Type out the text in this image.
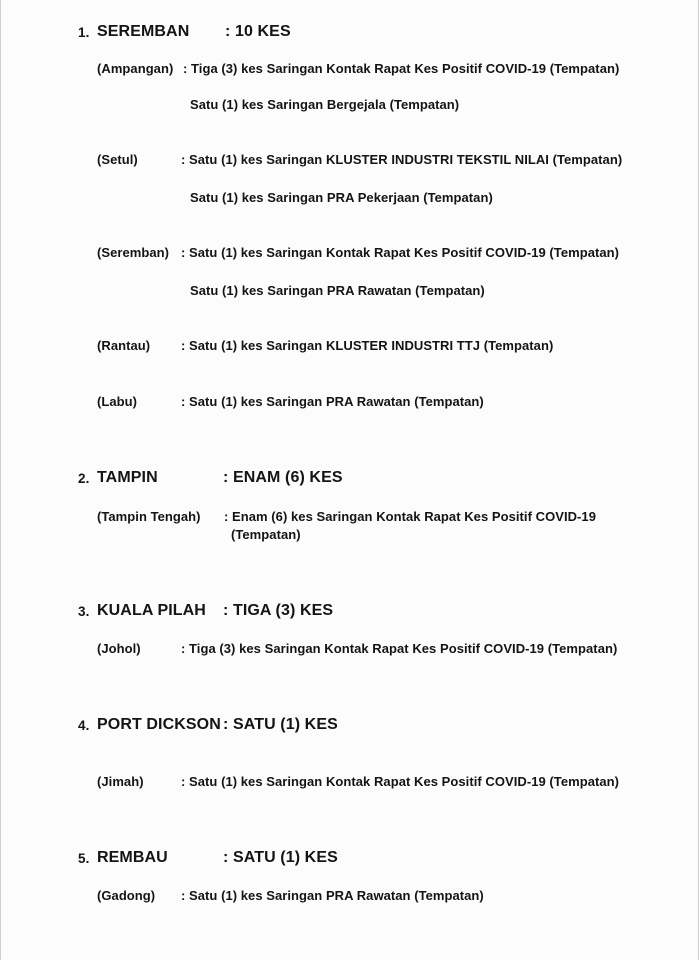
1. SEREMBAN : 10 KES
(Ampangan) : Tiga (3) kes Saringan Kontak Rapat Kes Positif COVID-19 (Tempatan)
Satu (1) kes Saringan Bergejala (Tempatan)
(Setul)	: Satu (1) kes Saringan KLUSTER INDUSTRI TEKSTIL NILAI (Tempatan)
Satu (1) kes Saringan PRA Pekerjaan (Tempatan)
(Seremban) : Satu (1) kes Saringan Kontak Rapat Kes Positif COVID-19 (Tempatan)
Satu (1) kes Saringan PRA Rawatan (Tempatan)
(Rantau) : Satu (1) kes Saringan KLUSTER INDUSTRI TTJ (Tempatan)
(Labu)	: Satu (1) kes Saringan PRA Rawatan (Tempatan)
2. TAMPIN	: ENAM (6) KES
(Tampin Tengah) : Enam (6) kes Saringan Kontak Rapat Kes Positif COVID-19
(Tempatan)
3. KUALA PILAH : TIGA (3) KES
(Johol)	: Tiga (3) kes Saringan Kontak Rapat Kes Positif COVID-19 (Tempatan)
4. PORT DICKSON : SATU (1) KES
(Jimah)	: Satu (1) kes Saringan Kontak Rapat Kes Positif COVID-19 (Tempatan)
5. REMBAU	: SATU (1) KES
(Gadong) : Satu (1) kes Saringan PRA Rawatan (Tempatan)
